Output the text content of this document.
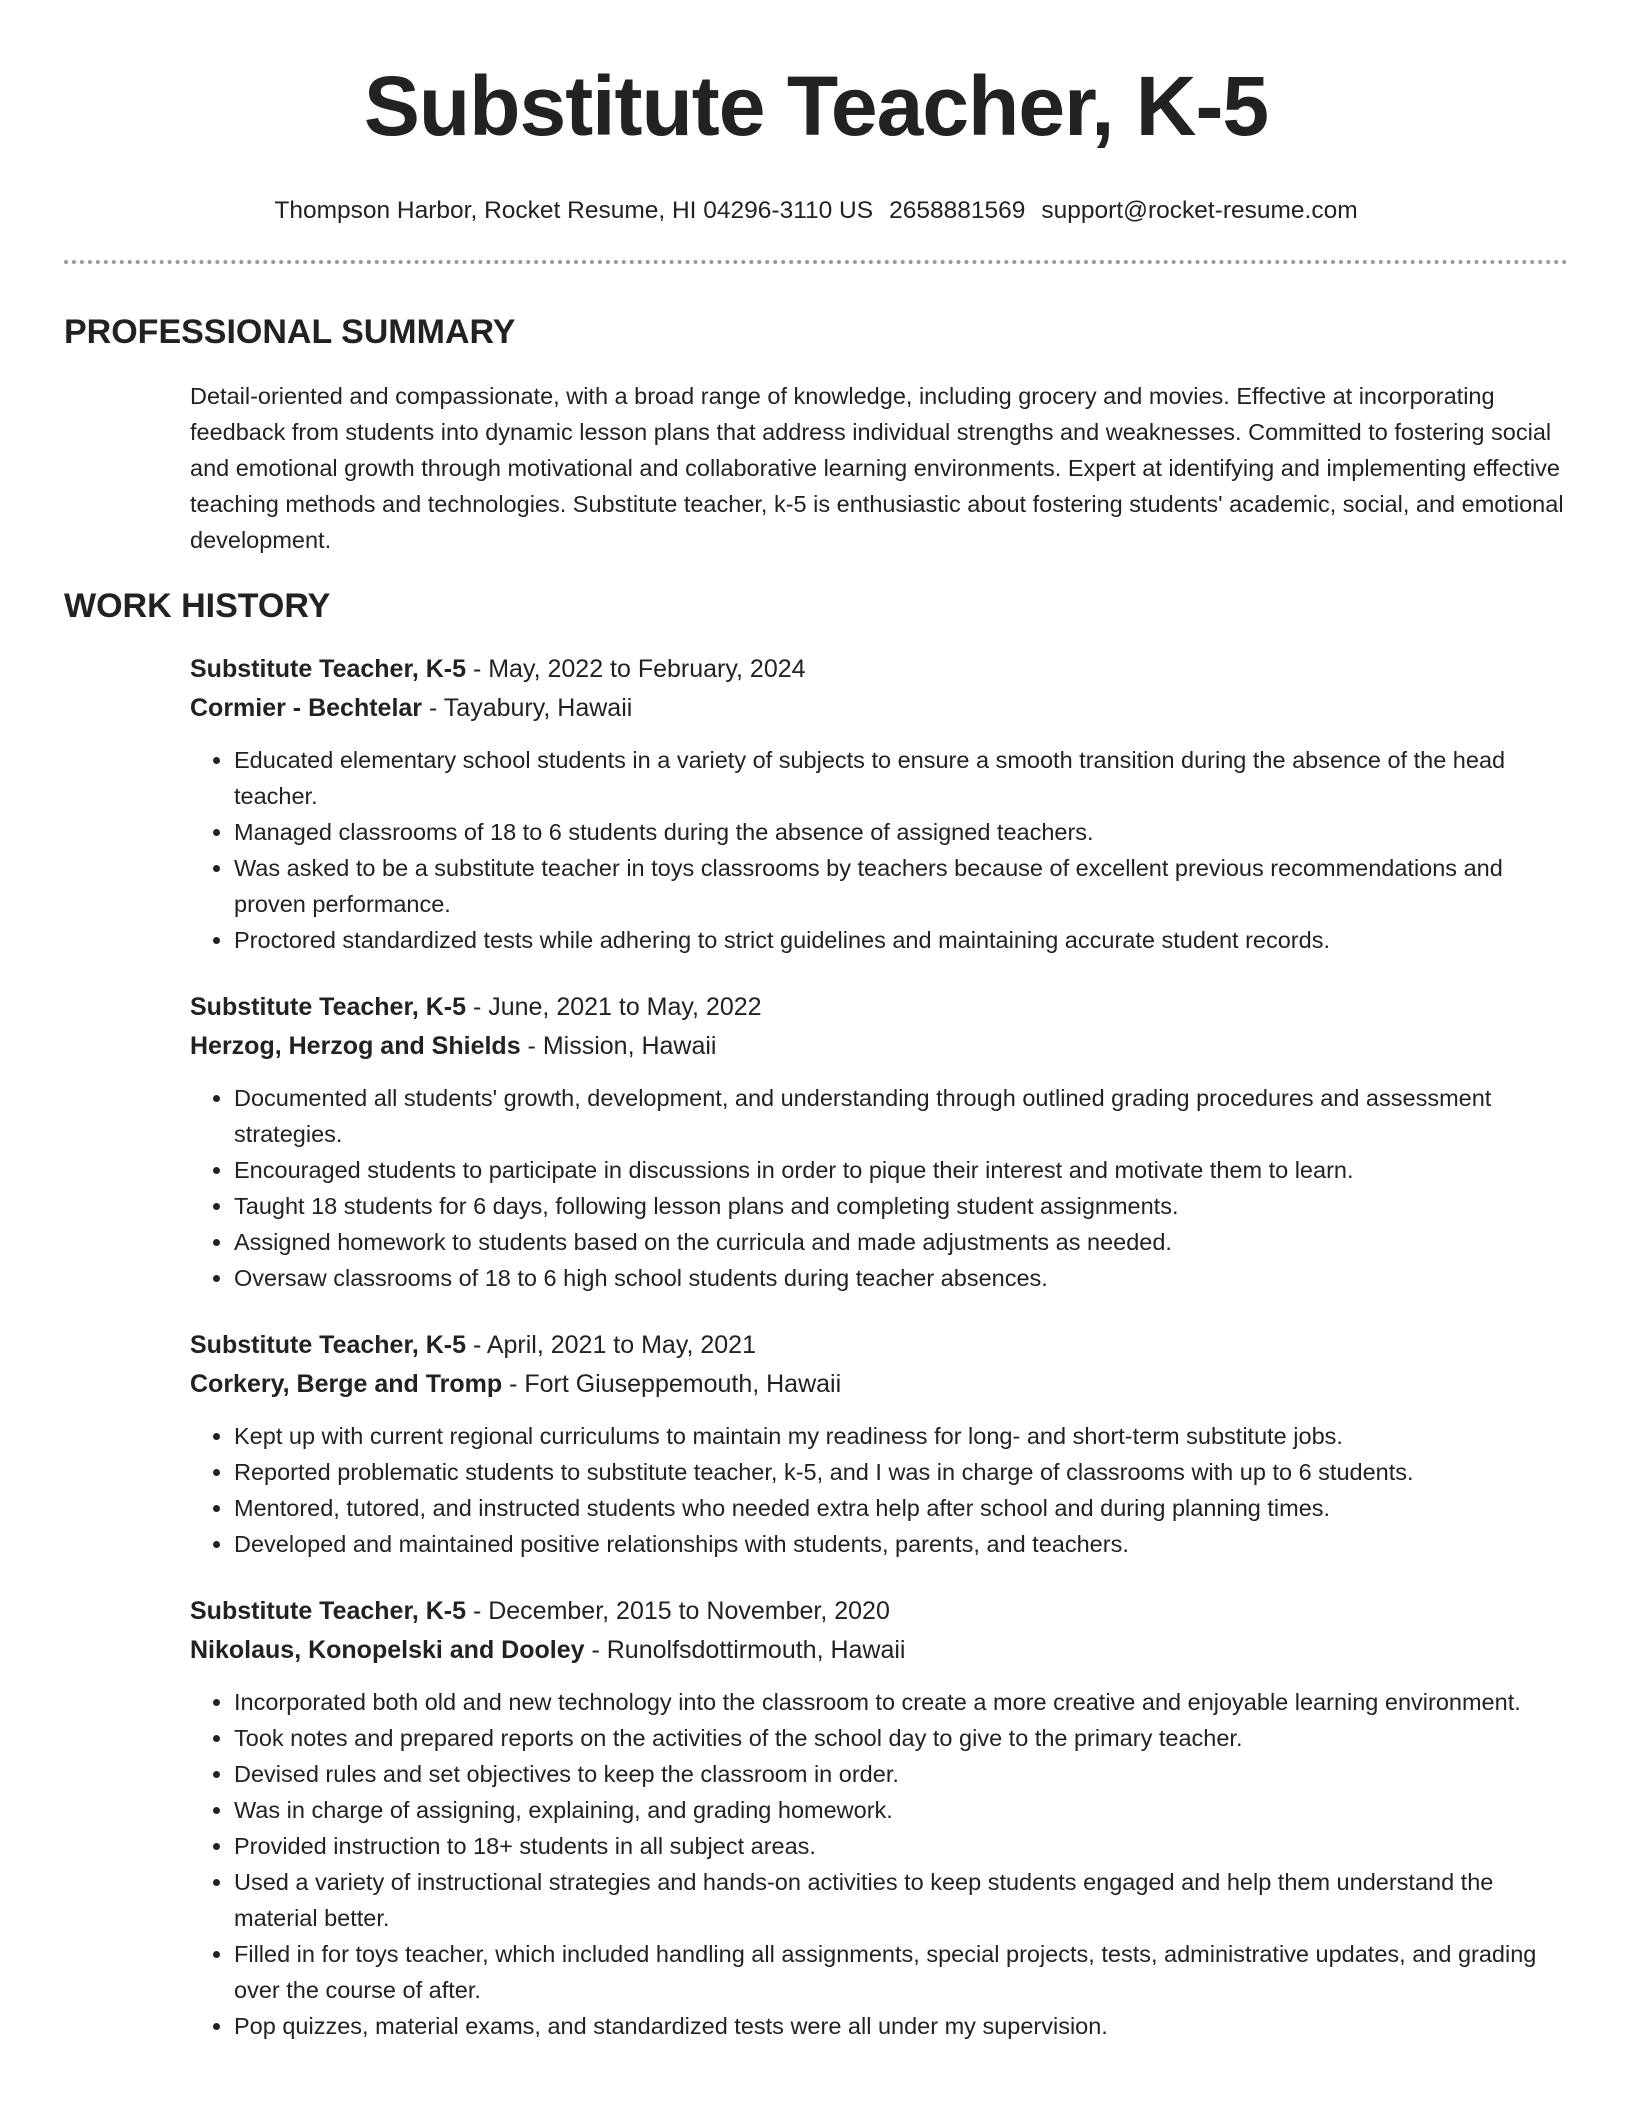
Substitute Teacher, K-5
Thompson Harbor, Rocket Resume, HI 04296-3110 US 2658881569 support@rocket-resume.com
PROFESSIONAL SUMMARY
Detail-oriented and compassionate, with a broad range of knowledge, including grocery and movies. Effective at incorporating feedback from students into dynamic lesson plans that address individual strengths and weaknesses. Committed to fostering social and emotional growth through motivational and collaborative learning environments. Expert at identifying and implementing effective teaching methods and technologies. Substitute teacher, k-5 is enthusiastic about fostering students' academic, social, and emotional development.
WORK HISTORY
Substitute Teacher, K-5 - May, 2022 to February, 2024
Cormier - Bechtelar - Tayabury, Hawaii
• Educated elementary school students in a variety of subjects to ensure a smooth transition during the absence of the head teacher.
• Managed classrooms of 18 to 6 students during the absence of assigned teachers.
• Was asked to be a substitute teacher in toys classrooms by teachers because of excellent previous recommendations and proven performance.
• Proctored standardized tests while adhering to strict guidelines and maintaining accurate student records.
Substitute Teacher, K-5 - June, 2021 to May, 2022
Herzog, Herzog and Shields - Mission, Hawaii
• Documented all students' growth, development, and understanding through outlined grading procedures and assessment strategies.
• Encouraged students to participate in discussions in order to pique their interest and motivate them to learn.
• Taught 18 students for 6 days, following lesson plans and completing student assignments.
• Assigned homework to students based on the curricula and made adjustments as needed.
• Oversaw classrooms of 18 to 6 high school students during teacher absences.
Substitute Teacher, K-5 - April, 2021 to May, 2021
Corkery, Berge and Tromp - Fort Giuseppemouth, Hawaii
• Kept up with current regional curriculums to maintain my readiness for long- and short-term substitute jobs.
• Reported problematic students to substitute teacher, k-5, and I was in charge of classrooms with up to 6 students.
• Mentored, tutored, and instructed students who needed extra help after school and during planning times.
• Developed and maintained positive relationships with students, parents, and teachers.
Substitute Teacher, K-5 - December, 2015 to November, 2020
Nikolaus, Konopelski and Dooley - Runolfsdottirmouth, Hawaii
• Incorporated both old and new technology into the classroom to create a more creative and enjoyable learning environment.
• Took notes and prepared reports on the activities of the school day to give to the primary teacher.
• Devised rules and set objectives to keep the classroom in order.
• Was in charge of assigning, explaining, and grading homework.
• Provided instruction to 18+ students in all subject areas.
• Used a variety of instructional strategies and hands-on activities to keep students engaged and help them understand the material better.
• Filled in for toys teacher, which included handling all assignments, special projects, tests, administrative updates, and grading over the course of after.
• Pop quizzes, material exams, and standardized tests were all under my supervision.
